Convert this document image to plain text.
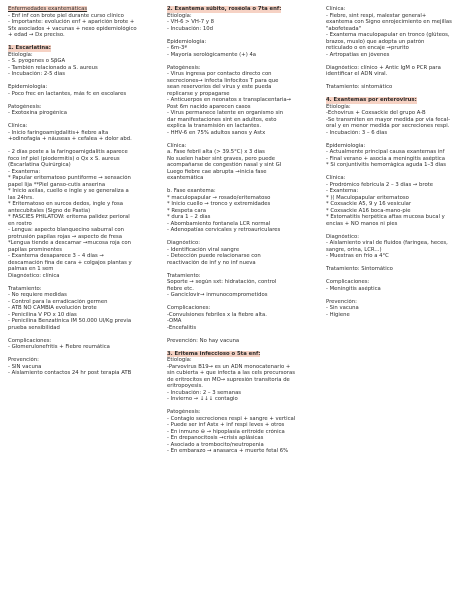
Enfermedades exantemáticas
- Enf inf con brote piel durante curso clínico
- Importante: evolución enf + aparición brote +
Sfx asociados + vacunas + nexo epidemiológico
+ edad → Dx preciso.
1. Escarlatina:
Etiología:
- S. pyogenes o SβGA
- También relacionado a S. aureus
- Incubación: 2-5 días
Epidemiología:
- Poco frec en lactantes, más fc en escolares
Patogénesis:
- Exotoxina pirogénica
Clínica:
- Inicio faringoamigdalitis+ fiebre alta
+odinofagia + náuseas + cefalea + dolor abd.
- 2 días poste a la faringoamigdalitis aparece
foco inf piel (piodermitis) o Qx x S. aureus
(Escarlatina Quirúrgica)
- Exantema:
* Papular eritematoso puntiforme → sensación
papel lija **Piel ganso-cutis anserina
* Inicio axilas, cuello e ingle y se generaliza a
las 24hrs.
* Eritematoso en surcos dedos, ingle y fosa
antecubitales (Signo de Pastia)
* FASCIES PHILATOW: eritema palidez perioral
en rostro
- Lengua: aspecto blanquecino saburral con
protrusión papilas rojas → aspecto de fresa
*Lengua tiende a descamar →mucosa roja con
papilas prominentes
- Exantema desaparece 3 – 4 días →
descamación fina de cara + colgajos plantas y
palmas en 1 sem
Diagnóstico: clínica
Tratamiento:
- No requiere medidas
- Control para la erradicación germen
- ATB NO CAMBIA evolución brote
- Penicilina V PO x 10 días
- Penicilina Benzatínica IM 50.000 UI/Kg previa
prueba sensibilidad
Complicaciones:
- Glomerulonefritis + Fiebre reumática
Prevención:
- SIN vacuna
- Aislamiento contactos 24 hr post terapia ATB
2. Exantema súbito, roséola o 7ta enf:
Etiología:
- VH-6 > VH-7 y 8
- Incubación: 10d
Epidemiología:
- 6m-3ª
- Mayoría serológicamente (+) 4a
Patogénesis:
- Virus ingresa por contacto directo con
secreciones→ infecta linfocitos T para que
sean reservorios del virus y este pueda
replicarse y propagarse
- Anticuerpos en neonatos x transplacentaria→
Post 6m nacido aparecen casos
- Virus permanece latente en organismo sin
dar manifestaciones sint en adultos, esto
explica la transmisión en lactantes.
- HHV-6 en 75% adultos sanos y Astx
Clínica:
a. Fase febril alta (> 39.5°C) x 3 días
No suelen haber sint graves, pero puede
acompañarse de congestión nasal y sint GI
Luego fiebre cae abrupta →inicia fase
exantemática
b. Fase exantema:
* maculopapular → rosado/eritematoso
* Inicio cuello → tronco y extremidades
* Respeta cara
* dura 1 – 2 días
- Abombamiento fontanela LCR normal
- Adenopatías cervicales y retroauriculares
Diagnóstico:
- Identificación viral sangre
- Detección puede relacionarse con
reactivación de inf y no inf nueva
Tratamiento:
Soporte → según sxt: hidratación, control
fiebre etc.
- Ganciclovir→ inmunocomprometidos
Complicaciones:
-Convulsiones febriles x la fiebre alta.
-OMA
-Encefalitis
Prevención: No hay vacuna
3. Eritema infeccioso o 5ta enf:
Etiología:
-Parvovirus B19→ es un ADN monocatenario +
sin cubierta + que infecta a las cels precursoras
de eritrocitos en MO→ supresión transitoria de
eritropoyesis.
- Incubación: 2 – 3 semanas
- Invierno → ↓↓↓ contagio
Patogénesis:
- Contagio secreciones respi + sangre + vertical
- Puede ser inf Astx + inf respi leves + otros
- En inmuno ⊖ → hipoplasia eritroide crónica
- En drepanocitosis →crisis aplásicas
- Asociado a trombocito/neutropenia
- En embarazo → anasarca + muerte fetal 6%
Clínica:
- Fiebre, sint respi, malestar general+
exantema con Signo enrojecimiento en mejillas
"abofeteada"
- Exantema maculopapular en tronco (glúteos,
brazos, muslo) que adopta un patrón
reticulado o en encaje →prurito
- Artropatías en jóvenes
Diagnóstico: clínico + Antic IgM o PCR para
identificar el ADN viral.
Tratamiento: sintomático
4. Exantemas por enterovirus:
Etiología:
-Echovirus + Coxsackie del grupo A-B
-Se transmiten en mayor medida por vía fecal-
oral y en menor medida por secreciones respi.
- Incubación: 3 – 6 días
Epidemiología:
- Actualmente principal causa exantemas inf
- Final verano + asocia a meningitis aséptica
* Si conjuntivitis hemorrágica aguda 1–3 días
Clínica:
- Prodrómico febrícula 2 – 3 días → brote
- Exantema:
* )( Maculopapular eritematoso
* Coxsackie A5, 9 y 16 vesicular
* Coxsackie A16 boca-mano-pie
* Estomatitis herpética aftas mucosa bucal y
encías + NO manos ni pies
Diagnóstico:
- Aislamiento viral de fluidos (faringea, heces,
sangre, orina, LCR...)
- Muestras en frío a 4°C
Tratamiento: Sintomático
Complicaciones:
- Meningitis aséptica
Prevención:
- Sin vacuna
- Higiene
